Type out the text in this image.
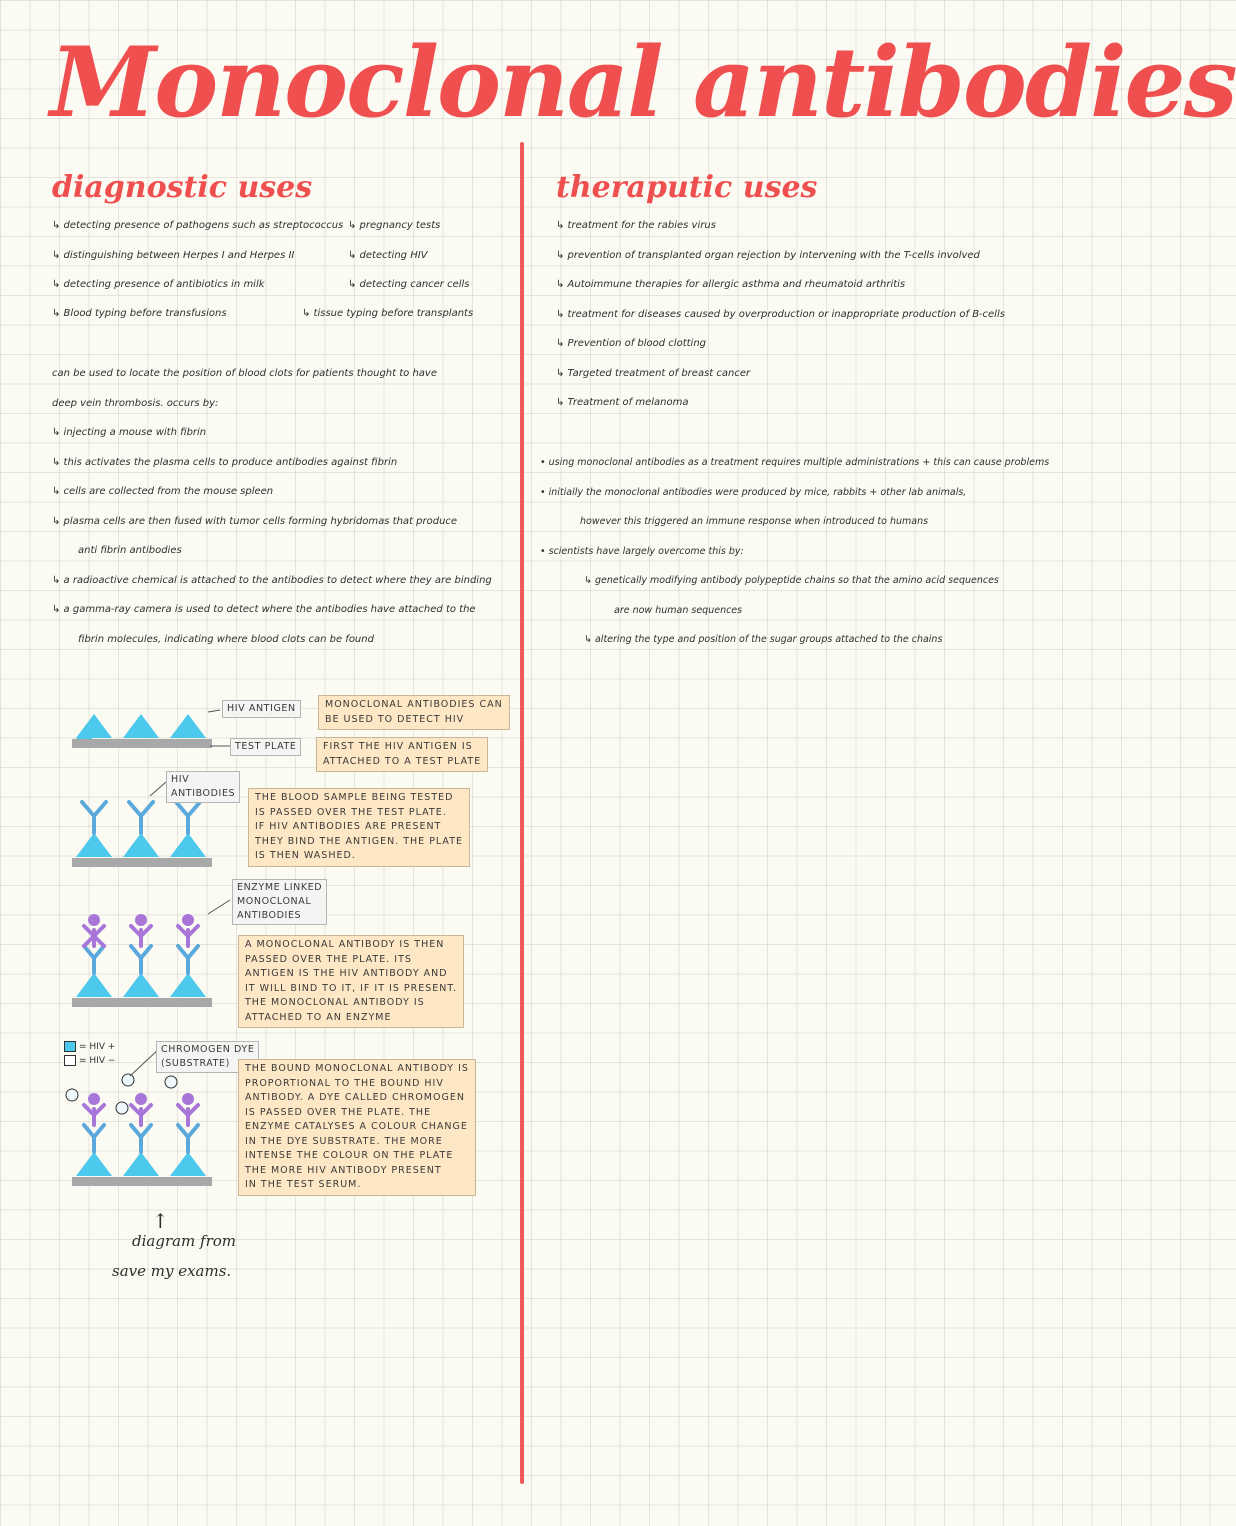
Monoclonal antibodies
diagnostic uses
↳ detecting presence of pathogens such as streptococcus
↳ distinguishing between Herpes I and Herpes II
↳ detecting presence of antibiotics in milk
↳ Blood typing before transfusions
↳ pregnancy tests
↳ detecting HIV
↳ detecting cancer cells
↳ tissue typing before transplants
can be used to locate the position of blood clots for patients thought to have
deep vein thrombosis. occurs by:
↳ injecting a mouse with fibrin
↳ this activates the plasma cells to produce antibodies against fibrin
↳ cells are collected from the mouse spleen
↳ plasma cells are then fused with tumor cells forming hybridomas that produce
anti fibrin antibodies
↳ a radioactive chemical is attached to the antibodies to detect where they are binding
↳ a gamma-ray camera is used to detect where the antibodies have attached to the
fibrin molecules, indicating where blood clots can be found
theraputic uses
↳ treatment for the rabies virus
↳ prevention of transplanted organ rejection by intervening with the T-cells involved
↳ Autoimmune therapies for allergic asthma and rheumatoid arthritis
↳ treatment for diseases caused by overproduction or inappropriate production of B-cells
↳ Prevention of blood clotting
↳ Targeted treatment of breast cancer
↳ Treatment of melanoma
• using monoclonal antibodies as a treatment requires multiple administrations + this can cause problems
• initially the monoclonal antibodies were produced by mice, rabbits + other lab animals,
however this triggered an immune response when introduced to humans
• scientists have largely overcome this by:
↳ genetically modifying antibody polypeptide chains so that the amino acid sequences
are now human sequences
↳ altering the type and position of the sugar groups attached to the chains
HIV ANTIGEN
TEST PLATE
HIV
ANTIBODIES
ENZYME LINKED
MONOCLONAL
ANTIBODIES
CHROMOGEN DYE
(SUBSTRATE)
= HIV +
= HIV −
MONOCLONAL ANTIBODIES CAN
BE USED TO DETECT HIV
FIRST THE HIV ANTIGEN IS
ATTACHED TO A TEST PLATE
THE BLOOD SAMPLE BEING TESTED
IS PASSED OVER THE TEST PLATE.
IF HIV ANTIBODIES ARE PRESENT
THEY BIND THE ANTIGEN. THE PLATE
IS THEN WASHED.
A MONOCLONAL ANTIBODY IS THEN
PASSED OVER THE PLATE. ITS
ANTIGEN IS THE HIV ANTIBODY AND
IT WILL BIND TO IT, IF IT IS PRESENT.
THE MONOCLONAL ANTIBODY IS
ATTACHED TO AN ENZYME
THE BOUND MONOCLONAL ANTIBODY IS
PROPORTIONAL TO THE BOUND HIV
ANTIBODY. A DYE CALLED CHROMOGEN
IS PASSED OVER THE PLATE. THE
ENZYME CATALYSES A COLOUR CHANGE
IN THE DYE SUBSTRATE. THE MORE
INTENSE THE COLOUR ON THE PLATE
THE MORE HIV ANTIBODY PRESENT
IN THE TEST SERUM.
↑
diagram from
save my exams.
